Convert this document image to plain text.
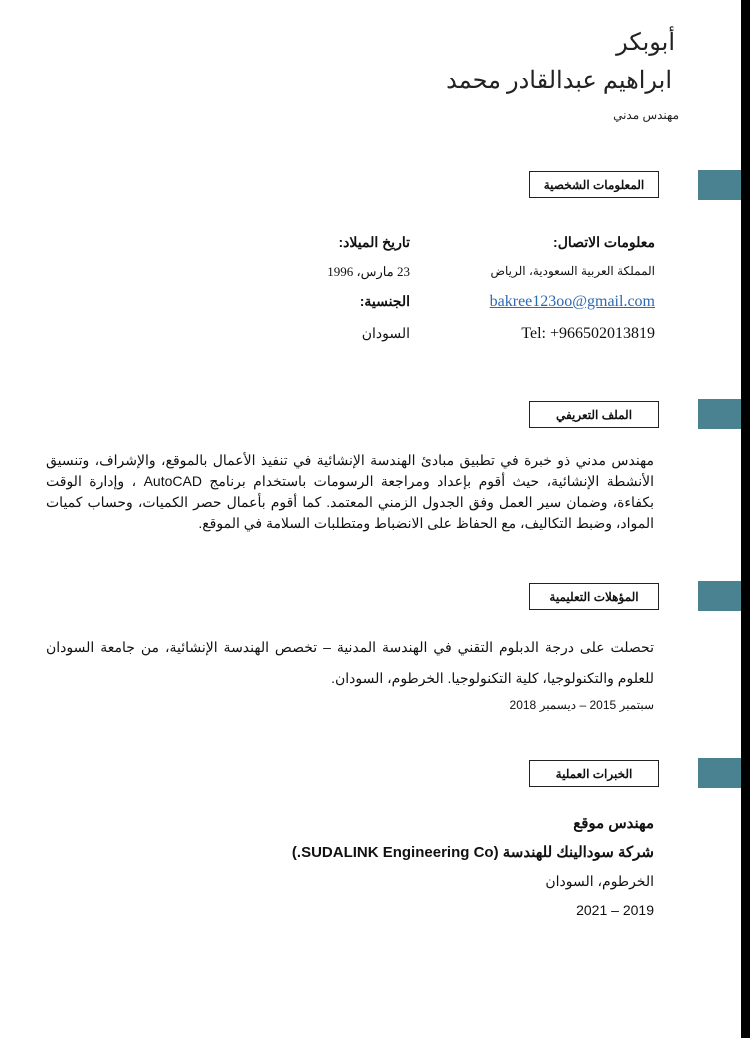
أبوبكر
ابراهيم عبدالقادر محمد
مهندس مدني
المعلومات الشخصية
معلومات الاتصال:
المملكة العربية السعودية، الرياض
bakree123oo@gmail.com
Tel: +966502013819
تاريخ الميلاد:
23 مارس، 1996
الجنسية:
السودان
الملف التعريفي
مهندس مدني ذو خبرة في تطبيق مبادئ الهندسة الإنشائية في تنفيذ الأعمال بالموقع، والإشراف، وتنسيق الأنشطة الإنشائية، حيث أقوم بإعداد ومراجعة الرسومات باستخدام برنامج AutoCAD ، وإدارة الوقت بكفاءة، وضمان سير العمل وفق الجدول الزمني المعتمد. كما أقوم بأعمال حصر الكميات، وحساب كميات المواد، وضبط التكاليف، مع الحفاظ على الانضباط ومتطلبات السلامة في الموقع.
المؤهلات التعليمية
تحصلت على درجة الدبلوم التقني في الهندسة المدنية – تخصص الهندسة الإنشائية، من جامعة السودان للعلوم والتكنولوجيا، كلية التكنولوجيا. الخرطوم، السودان.
سبتمبر 2015 – ديسمبر 2018
الخبرات العملية
مهندس موقع
شركة سودالينك للهندسة (SUDALINK Engineering Co.)
الخرطوم، السودان
2019 – 2021
